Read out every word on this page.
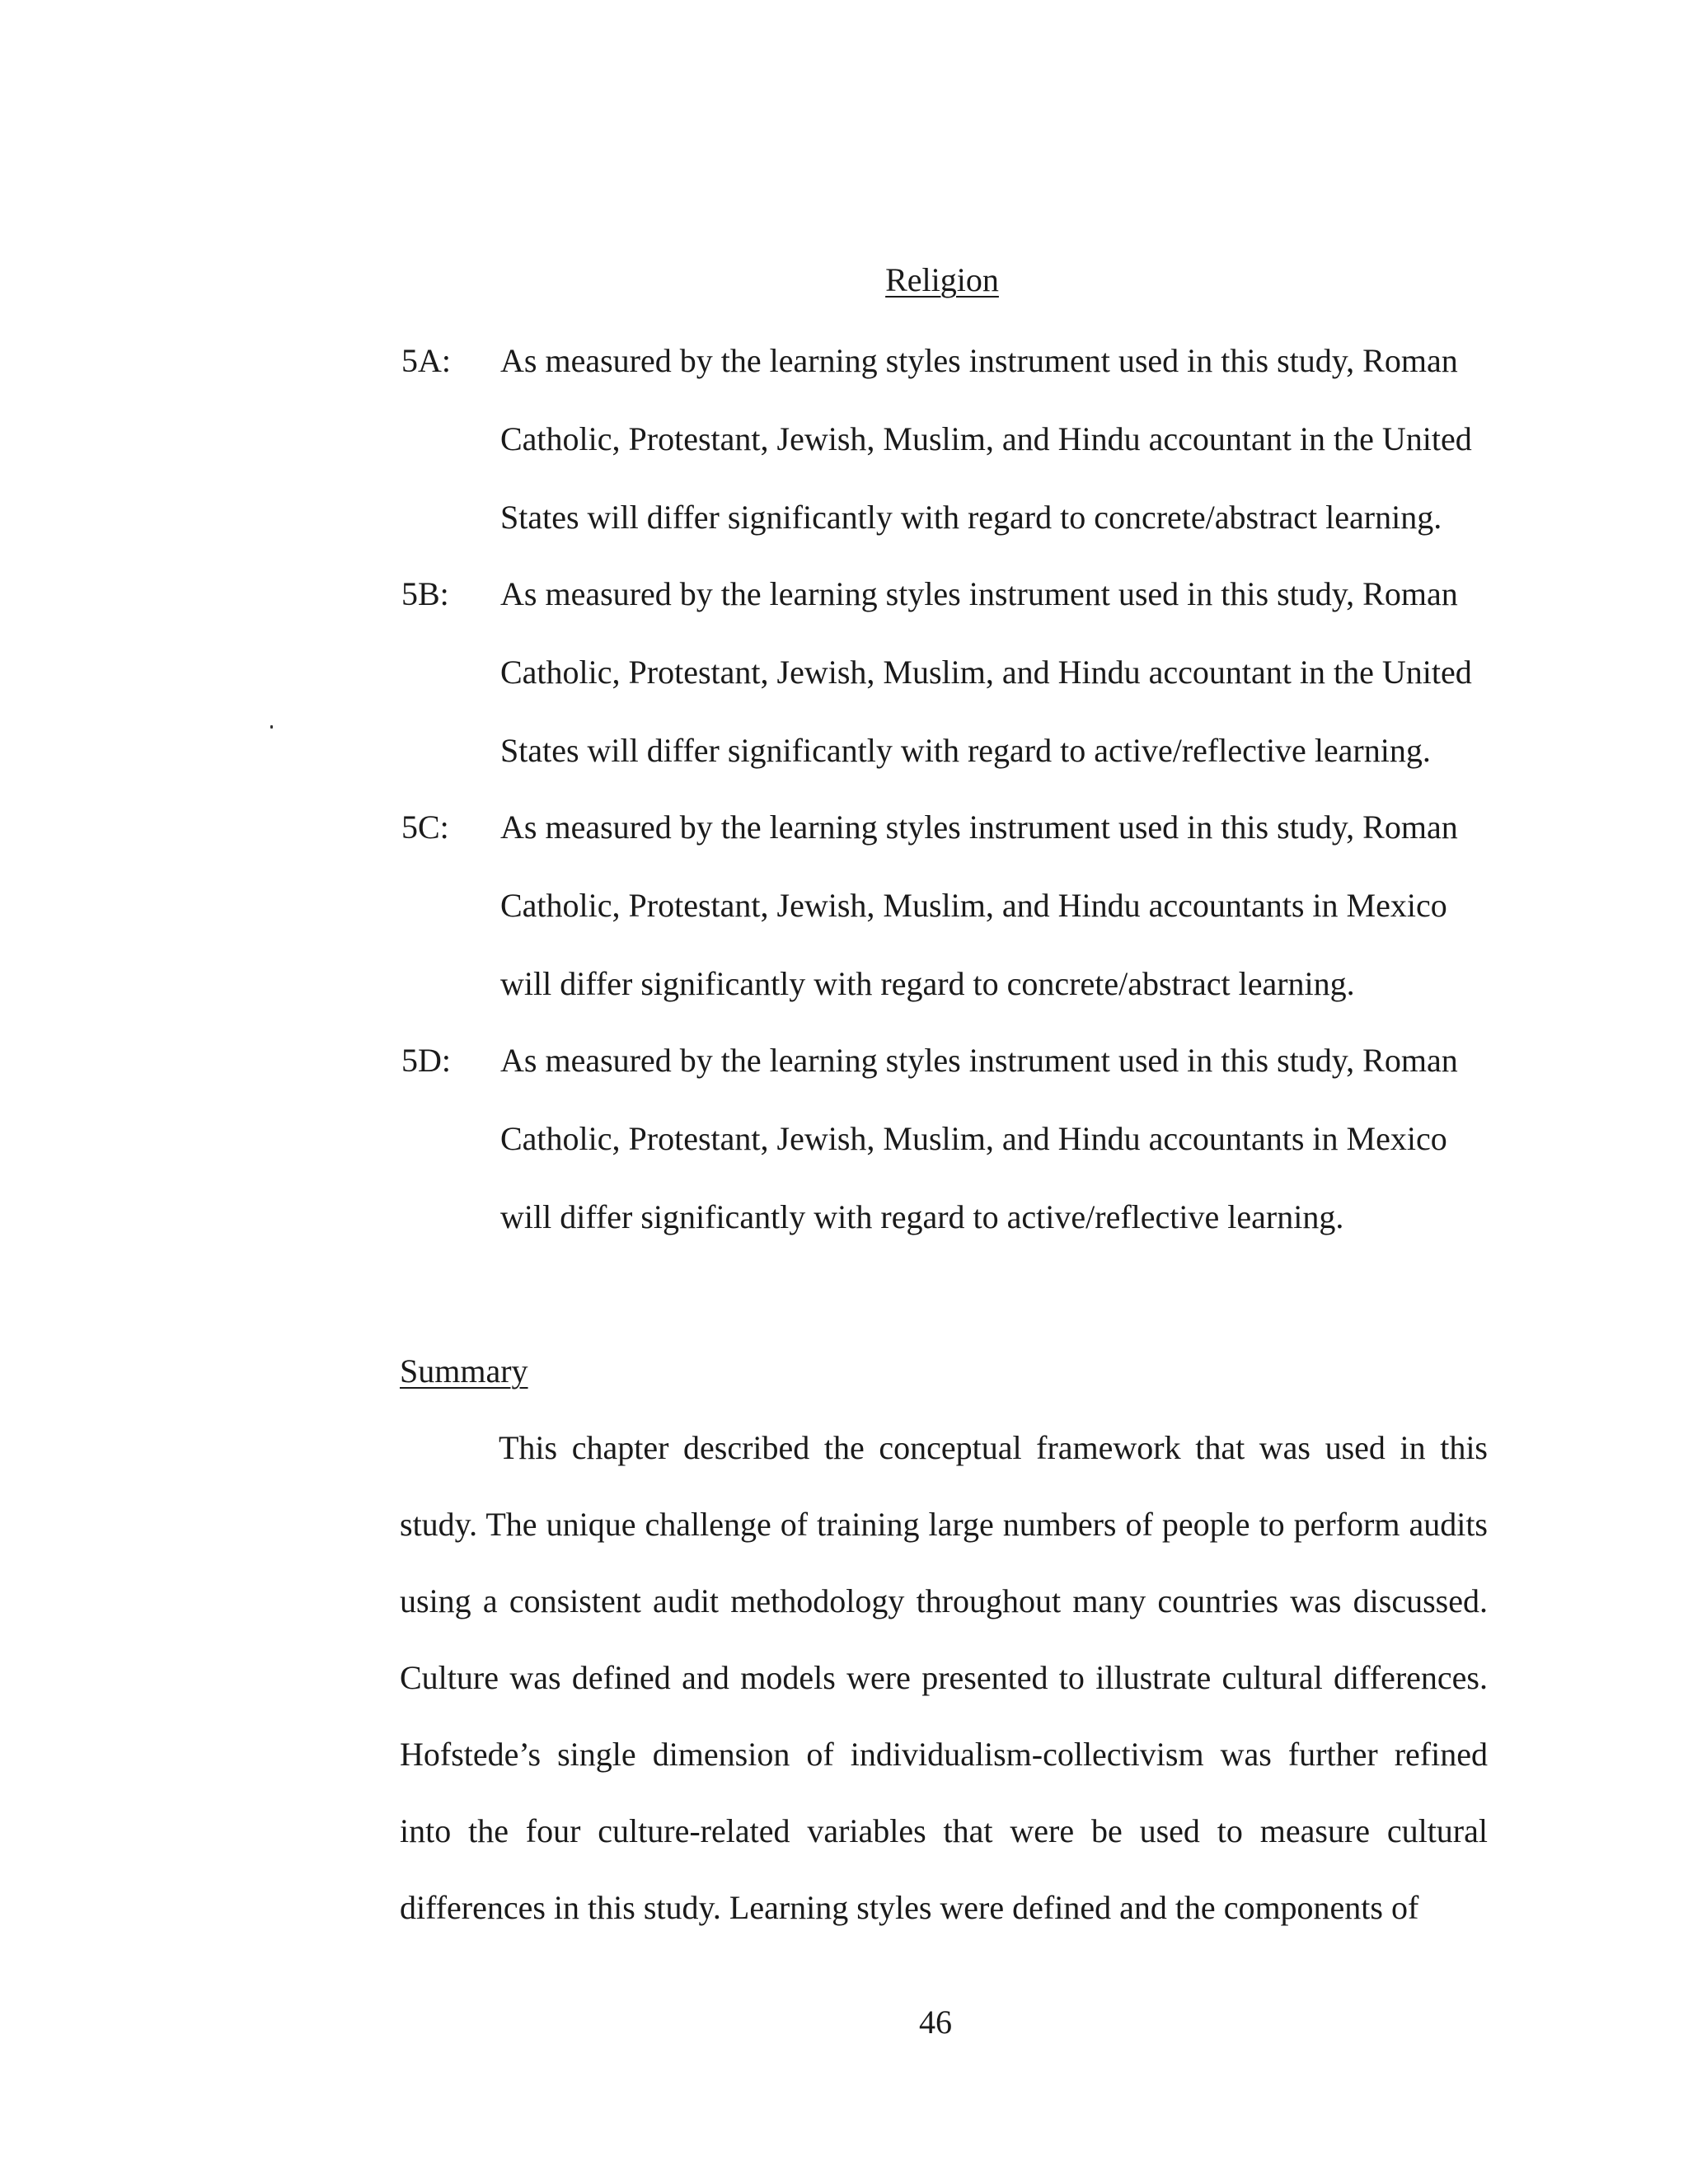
Religion
5A: As measured by the learning styles instrument used in this study, Roman Catholic, Protestant, Jewish, Muslim, and Hindu accountant in the United States will differ significantly with regard to concrete/abstract learning.
5B: As measured by the learning styles instrument used in this study, Roman Catholic, Protestant, Jewish, Muslim, and Hindu accountant in the United States will differ significantly with regard to active/reflective learning.
5C: As measured by the learning styles instrument used in this study, Roman Catholic, Protestant, Jewish, Muslim, and Hindu accountants in Mexico will differ significantly with regard to concrete/abstract learning.
5D: As measured by the learning styles instrument used in this study, Roman Catholic, Protestant, Jewish, Muslim, and Hindu accountants in Mexico will differ significantly with regard to active/reflective learning.
Summary

This chapter described the conceptual framework that was used in this study. The unique challenge of training large numbers of people to perform audits using a consistent audit methodology throughout many countries was discussed. Culture was defined and models were presented to illustrate cultural differences. Hofstede’s single dimension of individualism-collectivism was further refined into the four culture-related variables that were be used to measure cultural differences in this study. Learning styles were defined and the components of

46
